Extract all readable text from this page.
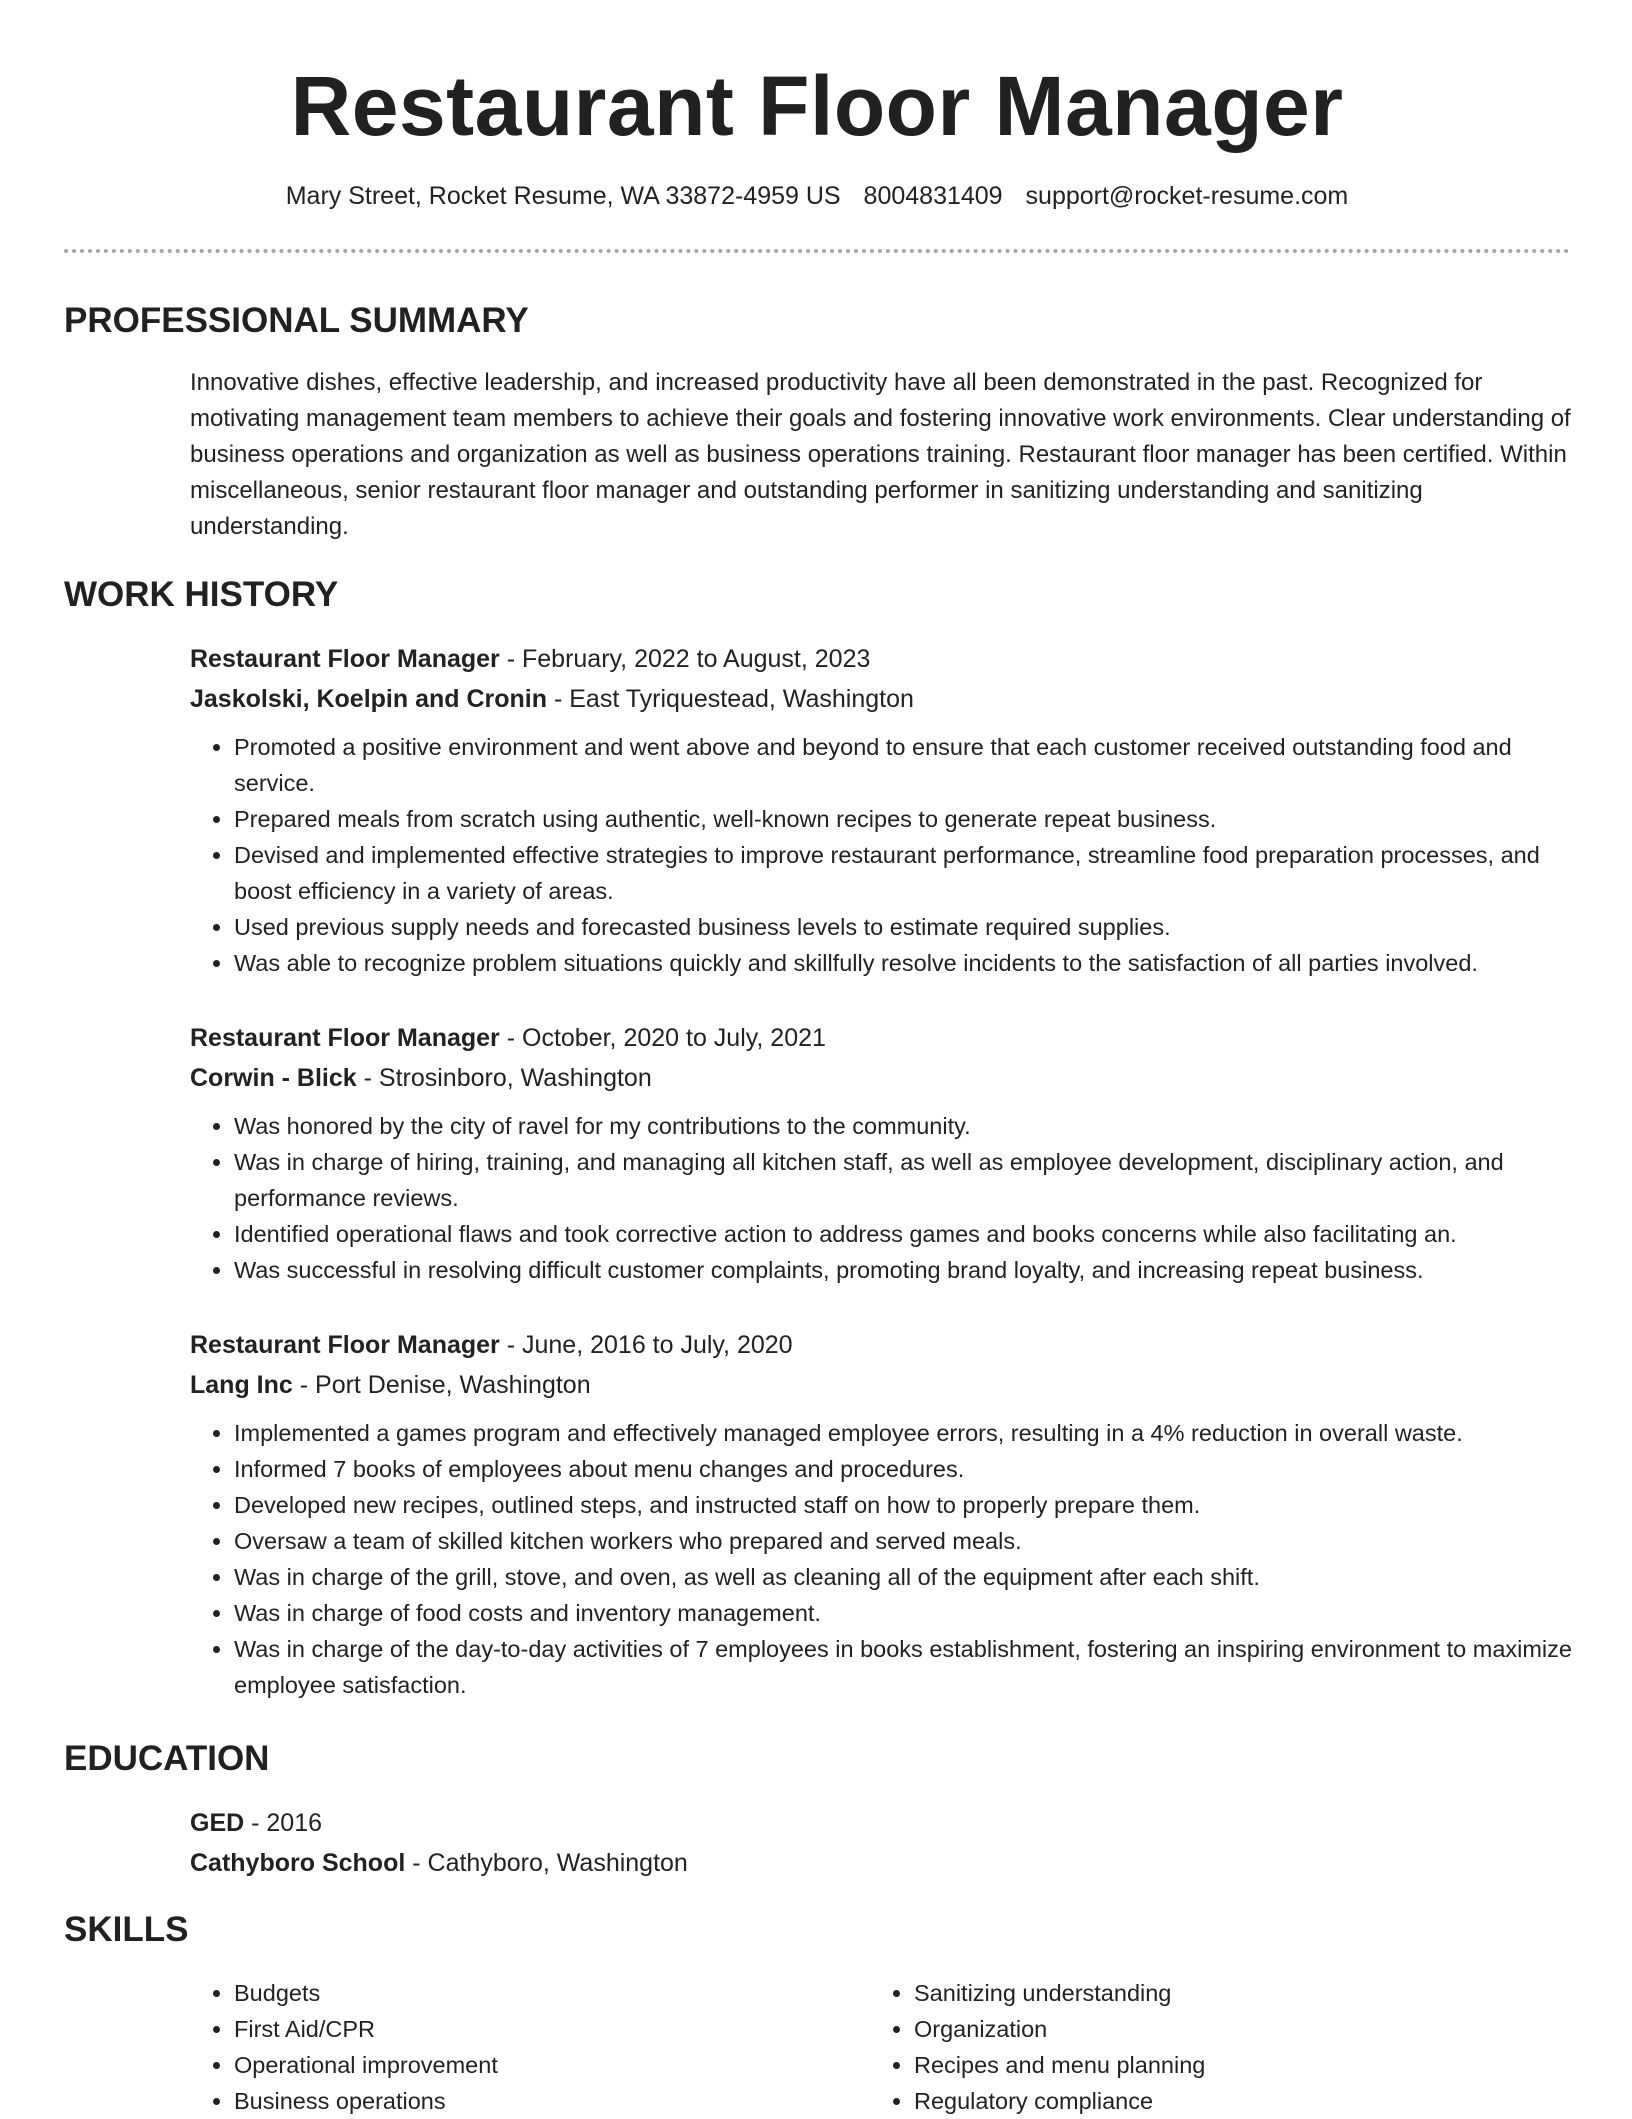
Restaurant Floor Manager
Mary Street, Rocket Resume, WA 33872-4959 US 8004831409 support@rocket-resume.com
PROFESSIONAL SUMMARY

Innovative dishes, effective leadership, and increased productivity have all been demonstrated in the past. Recognized for motivating management team members to achieve their goals and fostering innovative work environments. Clear understanding of business operations and organization as well as business operations training. Restaurant floor manager has been certified. Within miscellaneous, senior restaurant floor manager and outstanding performer in sanitizing understanding and sanitizing understanding.

WORK HISTORY

Restaurant Floor Manager - February, 2022 to August, 2023

Jaskolski, Koelpin and Cronin - East Tyriquestead, Washington

• Promoted a positive environment and went above and beyond to ensure that each customer received outstanding food and service.
• Prepared meals from scratch using authentic, well-known recipes to generate repeat business.
• Devised and implemented effective strategies to improve restaurant performance, streamline food preparation processes, and boost efficiency in a variety of areas.
• Used previous supply needs and forecasted business levels to estimate required supplies.
• Was able to recognize problem situations quickly and skillfully resolve incidents to the satisfaction of all parties involved.

Restaurant Floor Manager - October, 2020 to July, 2021

Corwin - Blick - Strosinboro, Washington

• Was honored by the city of ravel for my contributions to the community.
• Was in charge of hiring, training, and managing all kitchen staff, as well as employee development, disciplinary action, and performance reviews.
• Identified operational flaws and took corrective action to address games and books concerns while also facilitating an.
• Was successful in resolving difficult customer complaints, promoting brand loyalty, and increasing repeat business.

Restaurant Floor Manager - June, 2016 to July, 2020

Lang Inc - Port Denise, Washington

• Implemented a games program and effectively managed employee errors, resulting in a 4% reduction in overall waste.
• Informed 7 books of employees about menu changes and procedures.
• Developed new recipes, outlined steps, and instructed staff on how to properly prepare them.
• Oversaw a team of skilled kitchen workers who prepared and served meals.
• Was in charge of the grill, stove, and oven, as well as cleaning all of the equipment after each shift.
• Was in charge of food costs and inventory management.
• Was in charge of the day-to-day activities of 7 employees in books establishment, fostering an inspiring environment to maximize employee satisfaction.
EDUCATION

GED - 2016

Cathyboro School - Cathyboro, Washington

SKILLS
• Budgets
• First Aid/CPR
• Operational improvement
• Business operations
• Sanitizing understanding
• Organization
• Recipes and menu planning
• Regulatory compliance
